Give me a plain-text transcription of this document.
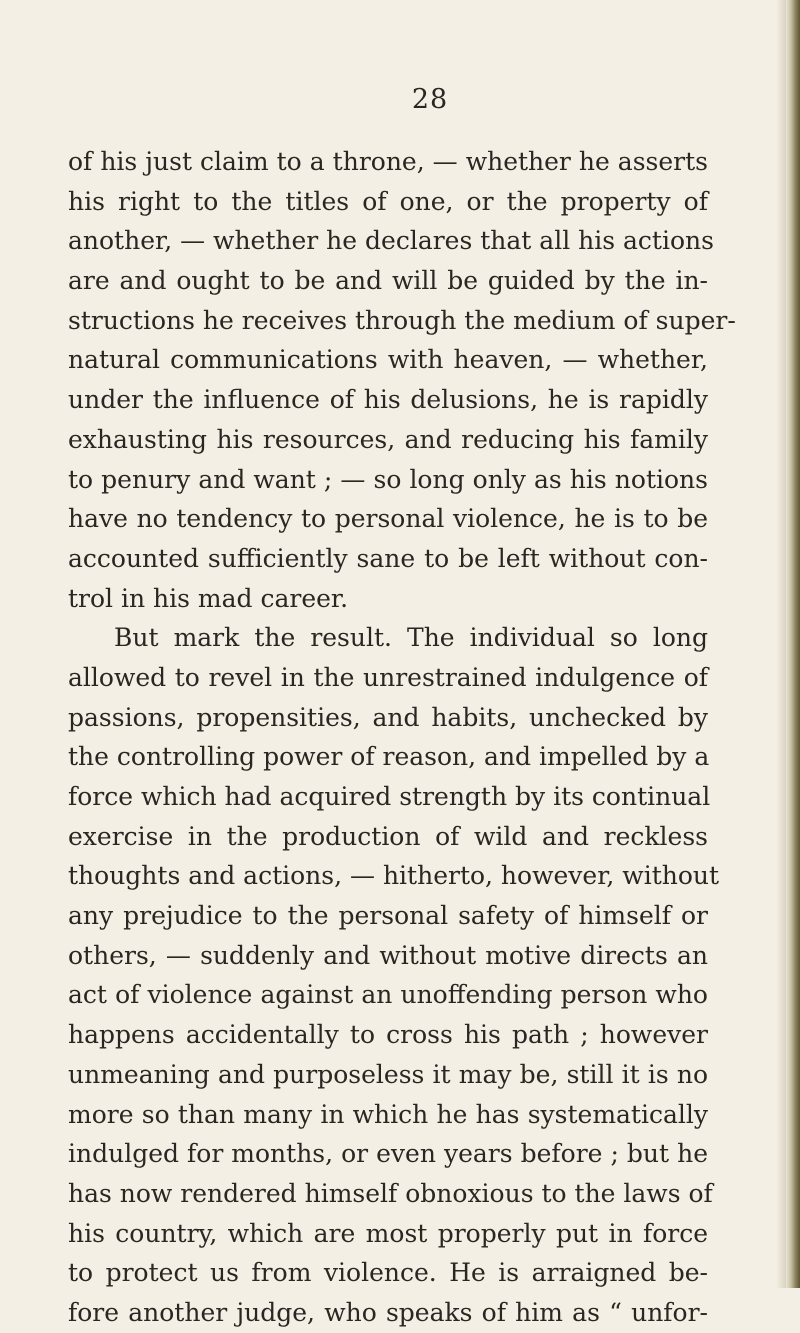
28
of his just claim to a throne, — whether he asserts
his right to the titles of one, or the property of
another, — whether he declares that all his actions
are and ought to be and will be guided by the in-
structions he receives through the medium of super-
natural communications with heaven, — whether,
under the influence of his delusions, he is rapidly
exhausting his resources, and reducing his family
to penury and want ; — so long only as his notions
have no tendency to personal violence, he is to be
accounted sufficiently sane to be left without con-
trol in his mad career.
But mark the result. The individual so long
allowed to revel in the unrestrained indulgence of
passions, propensities, and habits, unchecked by
the controlling power of reason, and impelled by a
force which had acquired strength by its continual
exercise in the production of wild and reckless
thoughts and actions, — hitherto, however, without
any prejudice to the personal safety of himself or
others, — suddenly and without motive directs an
act of violence against an unoffending person who
happens accidentally to cross his path ; however
unmeaning and purposeless it may be, still it is no
more so than many in which he has systematically
indulged for months, or even years before ; but he
has now rendered himself obnoxious to the laws of
his country, which are most properly put in force
to protect us from violence. He is arraigned be-
fore another judge, who speaks of him as “ unfor-
